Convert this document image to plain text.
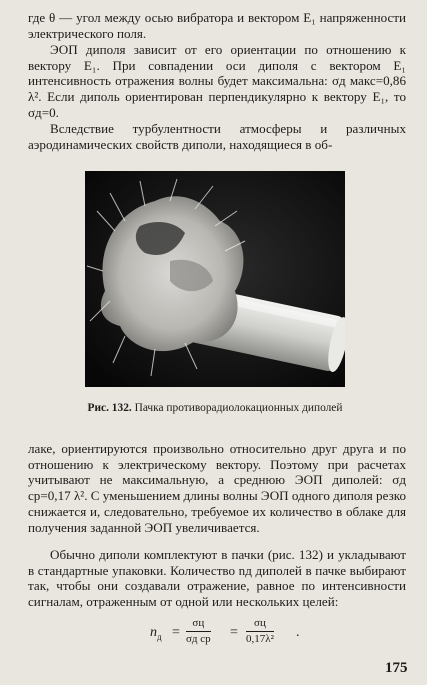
где θ — угол между осью вибратора и вектором E₁ напряженности электрического поля.

ЭОП диполя зависит от его ориентации по отношению к вектору E₁. При совпадении оси диполя с вектором E₁ интенсивность отражения волны будет максимальна: σд макс=0,86 λ². Если диполь ориентирован перпендикулярно к вектору E₁, то σд=0.

Вследствие турбулентности атмосферы и различных аэродинамических свойств диполи, находящиеся в об-

Рис. 132. Пачка противорадиолокационных диполей

лаке, ориентируются произвольно относительно друг друга и по отношению к электрическому вектору. Поэтому при расчетах учитывают не максимальную, а среднюю ЭОП диполей: σд ср=0,17 λ². С уменьшением длины волны ЭОП одного диполя резко снижается и, следовательно, требуемое их количество в облаке для получения заданной ЭОП увеличивается.

Обычно диполи комплектуют в пачки (рис. 132) и укладывают в стандартные упаковки. Количество nд диполей в пачке выбирают так, чтобы они создавали отражение, равное по интенсивности сигналам, отраженным от одной или нескольких целей:

$n_д$ =
σц
σд ср =
σц
0,17λ² .
175
